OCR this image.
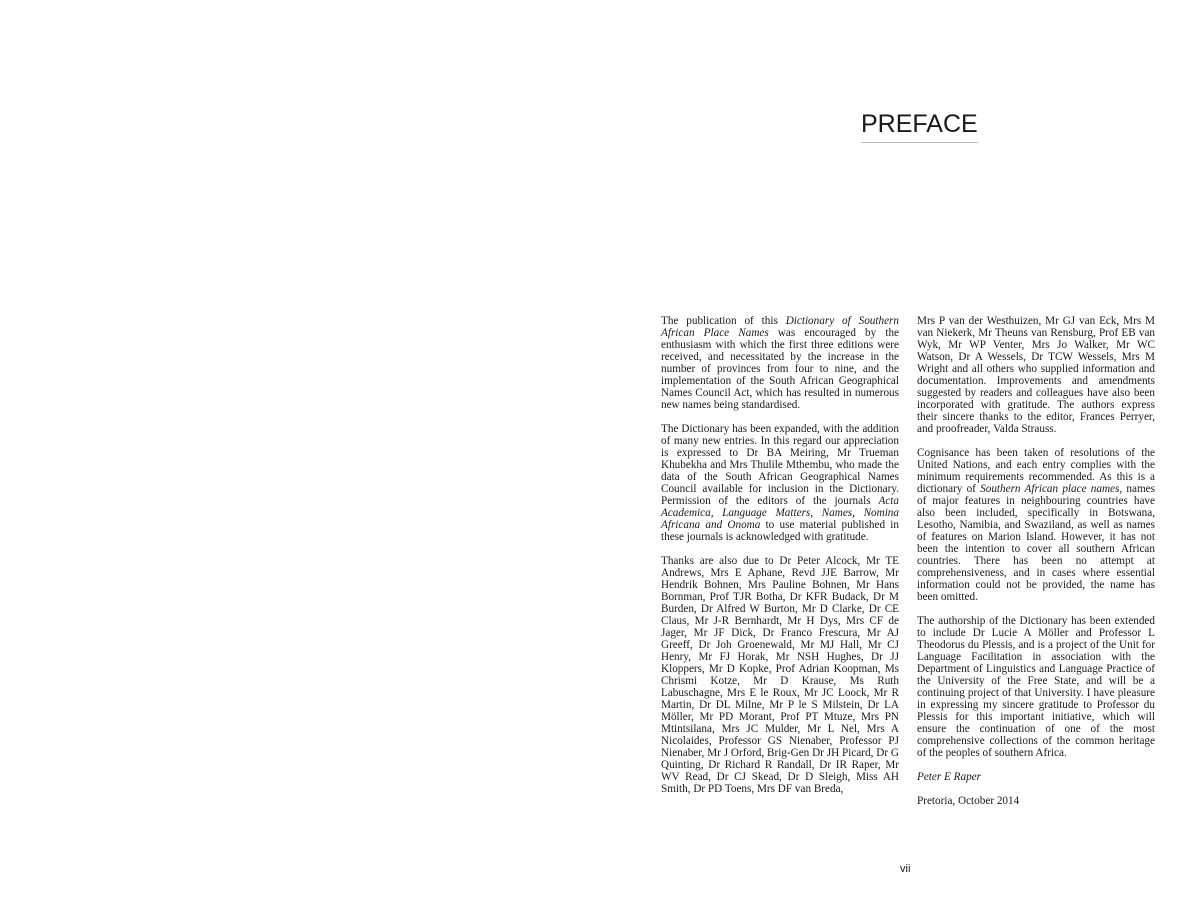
PREFACE

The publication of this Dictionary of Southern African Place Names was encouraged by the enthusiasm with which the first three editions were received, and necessitated by the increase in the number of provinces from four to nine, and the implementation of the South African Geographical Names Council Act, which has resulted in numerous new names being standardised.

The Dictionary has been expanded, with the addition of many new entries. In this regard our appreciation is expressed to Dr BA Meiring, Mr Trueman Khubekha and Mrs Thulile Mthembu, who made the data of the South African Geographical Names Council available for inclusion in the Dictionary. Permission of the editors of the journals Acta Academica, Language Matters, Names, Nomina Africana and Onoma to use material published in these journals is acknowledged with gratitude.

Thanks are also due to Dr Peter Alcock, Mr TE Andrews, Mrs E Aphane, Revd JJE Barrow, Mr Hendrik Bohnen, Mrs Pauline Bohnen, Mr Hans Bornman, Prof TJR Botha, Dr KFR Budack, Dr M Burden, Dr Alfred W Burton, Mr D Clarke, Dr CE Claus, Mr J-R Bernhardt, Mr H Dys, Mrs CF de Jager, Mr JF Dick, Dr Franco Frescura, Mr AJ Greeff, Dr Joh Groenewald, Mr MJ Hall, Mr CJ Henry, Mr FJ Horak, Mr NSH Hughes, Dr JJ Kloppers, Mr D Kopke, Prof Adrian Koopman, Ms Chrismi Kotze, Mr D Krause, Ms Ruth Labuschagne, Mrs E le Roux, Mr JC Loock, Mr R Martin, Dr DL Milne, Mr P le S Milstein, Dr LA Möller, Mr PD Morant, Prof PT Mtuze, Mrs PN Mtintsilana, Mrs JC Mulder, Mr L Nel, Mrs A Nicolaides, Professor GS Nienaber, Professor PJ Nienaber, Mr J Orford, Brig-Gen Dr JH Picard, Dr G Quinting, Dr Richard R Randall, Dr IR Raper, Mr WV Read, Dr CJ Skead, Dr D Sleigh, Miss AH Smith, Dr PD Toens, Mrs DF van Breda,

Mrs P van der Westhuizen, Mr GJ van Eck, Mrs M van Niekerk, Mr Theuns van Rensburg, Prof EB van Wyk, Mr WP Venter, Mrs Jo Walker, Mr WC Watson, Dr A Wessels, Dr TCW Wessels, Mrs M Wright and all others who supplied information and documentation. Improvements and amendments suggested by readers and colleagues have also been incorporated with gratitude. The authors express their sincere thanks to the editor, Frances Perryer, and proofreader, Valda Strauss.

Cognisance has been taken of resolutions of the United Nations, and each entry complies with the minimum requirements recommended. As this is a dictionary of Southern African place names, names of major features in neighbouring countries have also been included, specifically in Botswana, Lesotho, Namibia, and Swaziland, as well as names of features on Marion Island. However, it has not been the intention to cover all southern African countries. There has been no attempt at comprehensiveness, and in cases where essential information could not be provided, the name has been omitted.

The authorship of the Dictionary has been extended to include Dr Lucie A Möller and Professor L Theodorus du Plessis, and is a project of the Unit for Language Facilitation in association with the Department of Linguistics and Language Practice of the University of the Free State, and will be a continuing project of that University. I have pleasure in expressing my sincere gratitude to Professor du Plessis for this important initiative, which will ensure the continuation of one of the most comprehensive collections of the common heritage of the peoples of southern Africa.

Peter E Raper

Pretoria, October 2014

vii
